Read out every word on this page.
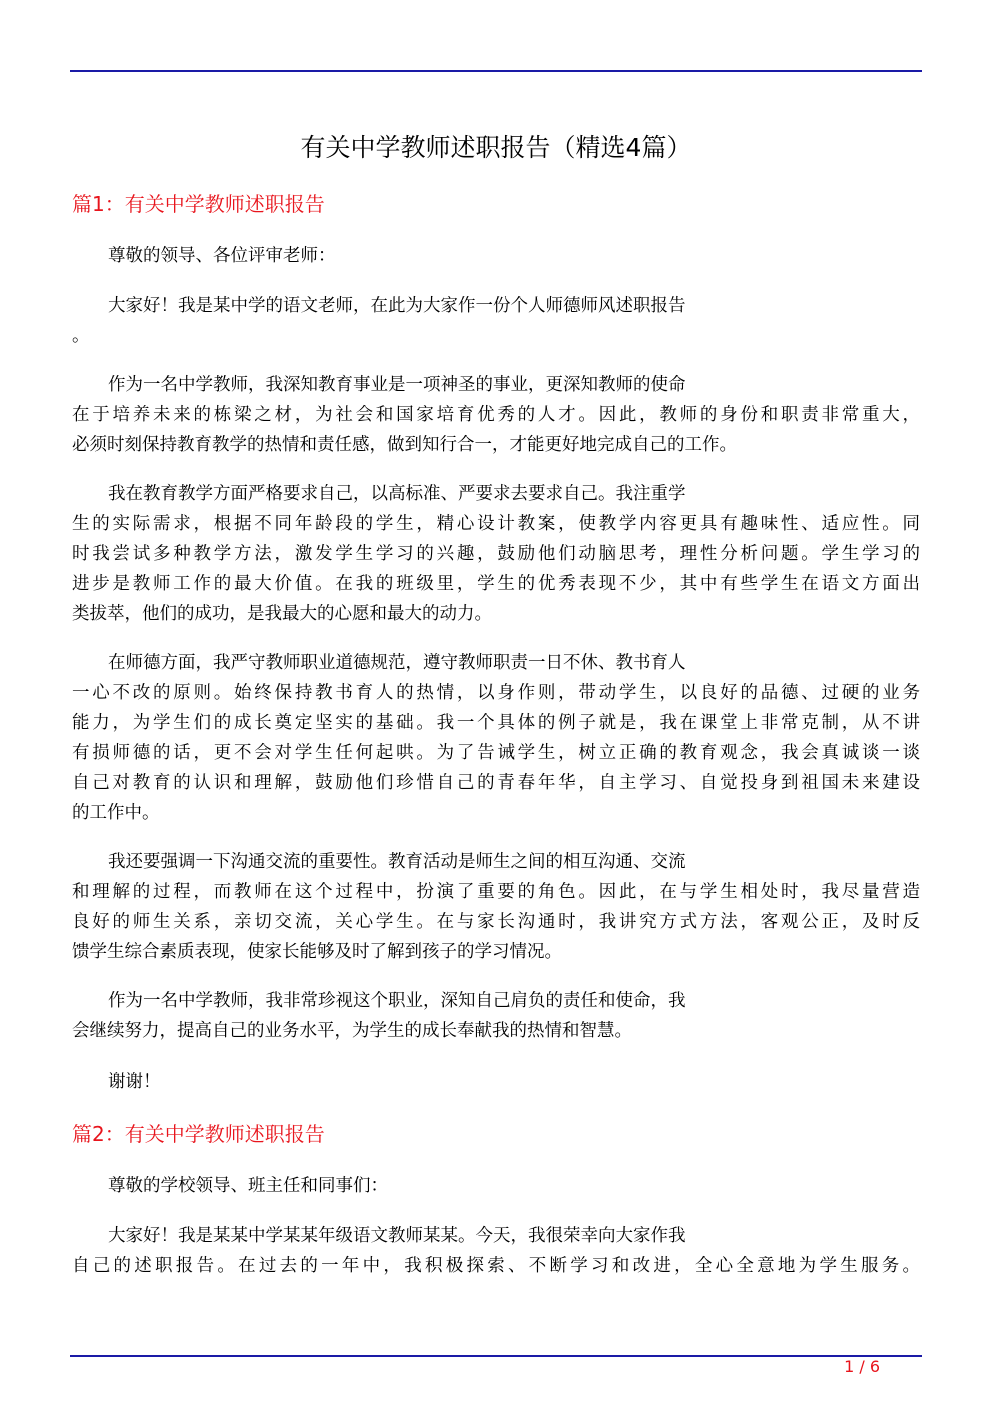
有关中学教师述职报告（精选4篇）
篇1：有关中学教师述职报告
尊敬的领导、各位评审老师：
大家好！我是某中学的语文老师，在此为大家作一份个人师德师风述职报告
。
作为一名中学教师，我深知教育事业是一项神圣的事业，更深知教师的使命
在于培养未来的栋梁之材，为社会和国家培育优秀的人才。因此，教师的身份和职责非常重大，
必须时刻保持教育教学的热情和责任感，做到知行合一，才能更好地完成自己的工作。
我在教育教学方面严格要求自己，以高标准、严要求去要求自己。我注重学
生的实际需求，根据不同年龄段的学生，精心设计教案，使教学内容更具有趣味性、适应性。同
时我尝试多种教学方法，激发学生学习的兴趣，鼓励他们动脑思考，理性分析问题。学生学习的
进步是教师工作的最大价值。在我的班级里，学生的优秀表现不少，其中有些学生在语文方面出
类拔萃，他们的成功，是我最大的心愿和最大的动力。
在师德方面，我严守教师职业道德规范，遵守教师职责一日不休、教书育人
一心不改的原则。始终保持教书育人的热情，以身作则，带动学生，以良好的品德、过硬的业务
能力，为学生们的成长奠定坚实的基础。我一个具体的例子就是，我在课堂上非常克制，从不讲
有损师德的话，更不会对学生任何起哄。为了告诫学生，树立正确的教育观念，我会真诚谈一谈
自己对教育的认识和理解，鼓励他们珍惜自己的青春年华，自主学习、自觉投身到祖国未来建设
的工作中。
我还要强调一下沟通交流的重要性。教育活动是师生之间的相互沟通、交流
和理解的过程，而教师在这个过程中，扮演了重要的角色。因此，在与学生相处时，我尽量营造
良好的师生关系，亲切交流，关心学生。在与家长沟通时，我讲究方式方法，客观公正，及时反
馈学生综合素质表现，使家长能够及时了解到孩子的学习情况。
作为一名中学教师，我非常珍视这个职业，深知自己肩负的责任和使命，我
会继续努力，提高自己的业务水平，为学生的成长奉献我的热情和智慧。
谢谢！
篇2：有关中学教师述职报告
尊敬的学校领导、班主任和同事们：
大家好！我是某某中学某某年级语文教师某某。今天，我很荣幸向大家作我
自己的述职报告。在过去的一年中，我积极探索、不断学习和改进，全心全意地为学生服务。
1 / 6
